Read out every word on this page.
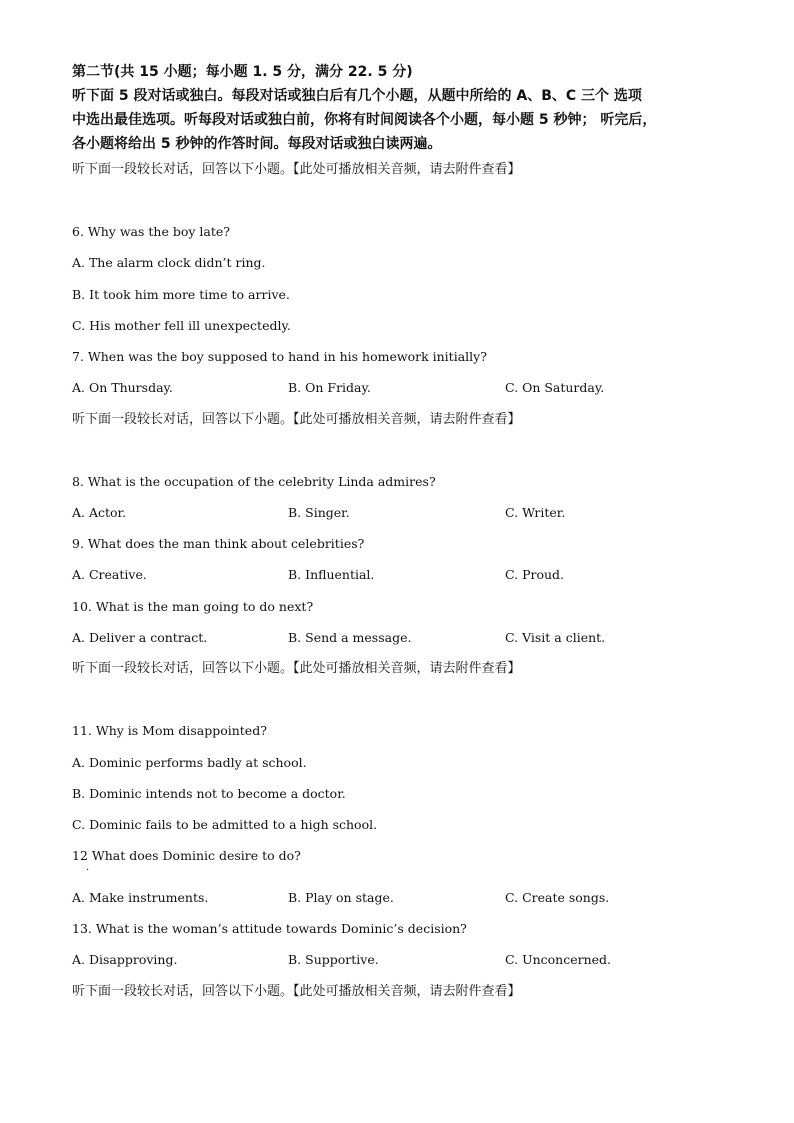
第二节(共 15 小题；每小题 1. 5 分，满分 22. 5 分)
听下面 5 段对话或独白。每段对话或独白后有几个小题，从题中所给的 A、B、C 三个 选项
中选出最佳选项。听每段对话或独白前，你将有时间阅读各个小题，每小题 5 秒钟； 听完后，
各小题将给出 5 秒钟的作答时间。每段对话或独白读两遍。
听下面一段较长对话，回答以下小题。【此处可播放相关音频，请去附件查看】
6. Why was the boy late?
A. The alarm clock didn’t ring.
B. It took him more time to arrive.
C. His mother fell ill unexpectedly.
7. When was the boy supposed to hand in his homework initially?
A. On Thursday.	B. On Friday.	C. On Saturday.
听下面一段较长对话，回答以下小题。【此处可播放相关音频，请去附件查看】
8. What is the occupation of the celebrity Linda admires?
A. Actor.	B. Singer.	C. Writer.
9. What does the man think about celebrities?
A. Creative.	B. Influential.	C. Proud.
10. What is the man going to do next?
A. Deliver a contract.	B. Send a message.	C. Visit a client.
听下面一段较长对话，回答以下小题。【此处可播放相关音频，请去附件查看】
11. Why is Mom disappointed?
A. Dominic performs badly at school.
B. Dominic intends not to become a doctor.
C. Dominic fails to be admitted to a high school.
12 What does Dominic desire to do?
·
A. Make instruments.	B. Play on stage.	C. Create songs.
13. What is the woman’s attitude towards Dominic’s decision?
A. Disapproving.	B. Supportive.	C. Unconcerned.
听下面一段较长对话，回答以下小题。【此处可播放相关音频，请去附件查看】
